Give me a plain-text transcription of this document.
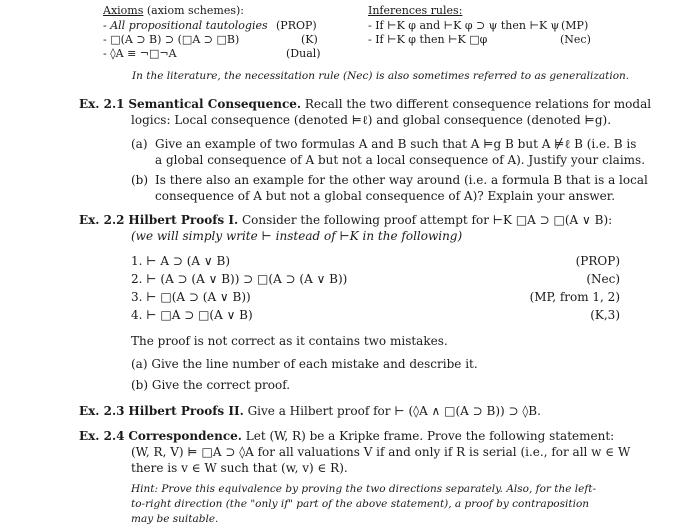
Axioms (axiom schemes):
- All propositional tautologies (PROP)
- □(A ⊃ B) ⊃ (□A ⊃ □B)	(K)
- ◊A ≡ ¬□¬A	(Dual)
Inferences rules:
- If ⊢K φ and ⊢K φ ⊃ ψ then ⊢K ψ (MP)
- If ⊢K φ then ⊢K □φ	(Nec)
In the literature, the necessitation rule (Nec) is also sometimes referred to as generalization.
Ex. 2.1 Semantical Consequence. Recall the two different consequence relations for modal
logics: Local consequence (denoted ⊨ℓ) and global consequence (denoted ⊨g).
(a) Give an example of two formulas A and B such that A ⊨g B but A ⊭ℓ B (i.e. B is
a global consequence of A but not a local consequence of A). Justify your claims.
(b) Is there also an example for the other way around (i.e. a formula B that is a local
consequence of A but not a global consequence of A)? Explain your answer.
Ex. 2.2 Hilbert Proofs I. Consider the following proof attempt for ⊢K □A ⊃ □(A ∨ B):
(we will simply write ⊢ instead of ⊢K in the following)
1. ⊢ A ⊃ (A ∨ B)	(PROP)
2. ⊢ (A ⊃ (A ∨ B)) ⊃ □(A ⊃ (A ∨ B))	(Nec)
3. ⊢ □(A ⊃ (A ∨ B))	(MP, from 1, 2)
4. ⊢ □A ⊃ □(A ∨ B)	(K,3)
The proof is not correct as it contains two mistakes.
(a) Give the line number of each mistake and describe it.
(b) Give the correct proof.
Ex. 2.3 Hilbert Proofs II. Give a Hilbert proof for ⊢ (◊A ∧ □(A ⊃ B)) ⊃ ◊B.
Ex. 2.4 Correspondence. Let (W, R) be a Kripke frame. Prove the following statement:
(W, R, V) ⊨ □A ⊃ ◊A for all valuations V if and only if R is serial (i.e., for all w ∈ W
there is v ∈ W such that (w, v) ∈ R).
Hint: Prove this equivalence by proving the two directions separately. Also, for the left-
to-right direction (the "only if" part of the above statement), a proof by contraposition
may be suitable.
